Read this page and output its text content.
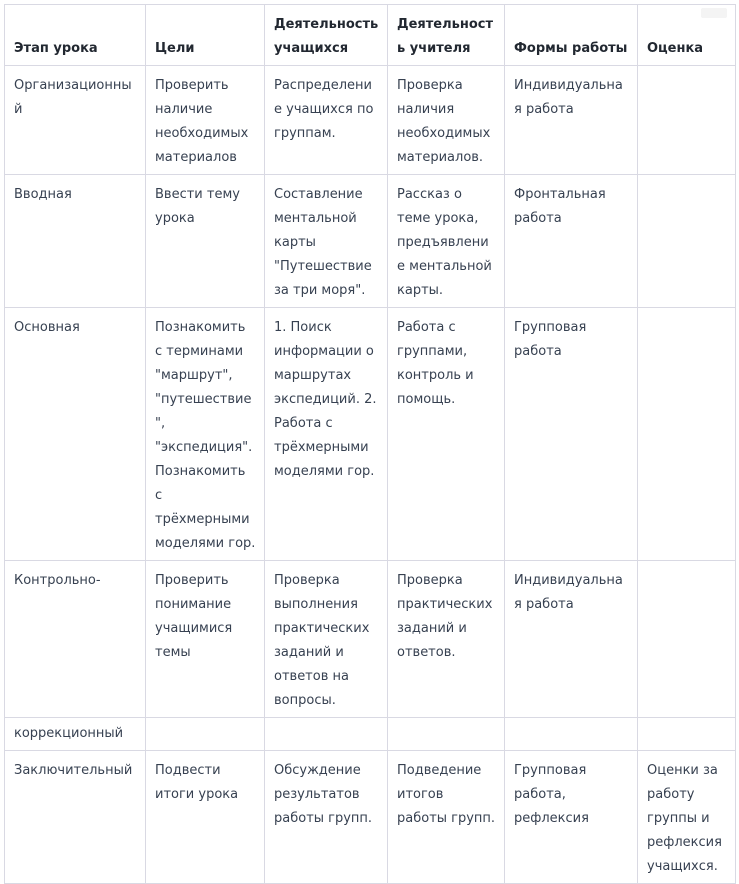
Этап урока	Цели	Деятельность учащихся	Деятельность учителя	Формы работы	Оценка
Организационный	Проверить наличие необходимых материалов	Распределение учащихся по группам.	Проверка наличия необходимых материалов.	Индивидуальная работа	
Вводная	Ввести тему урока	Составление ментальной карты "Путешествие за три моря".	Рассказ о теме урока, предъявление ментальной карты.	Фронтальная работа	
Основная	Познакомить с терминами "маршрут", "путешествие", "экспедиция". Познакомить с трёхмерными моделями гор.	1. Поиск информации о маршрутах экспедиций. 2. Работа с трёхмерными моделями гор.	Работа с группами, контроль и помощь.	Групповая работа	
Контрольно-	Проверить понимание учащимися темы	Проверка выполнения практических заданий и ответов на вопросы.	Проверка практических заданий и ответов.	Индивидуальная работа	
коррекционный					
Заключительный	Подвести итоги урока	Обсуждение результатов работы групп.	Подведение итогов работы групп.	Групповая работа, рефлексия	Оценки за работу группы и рефлексия учащихся.
